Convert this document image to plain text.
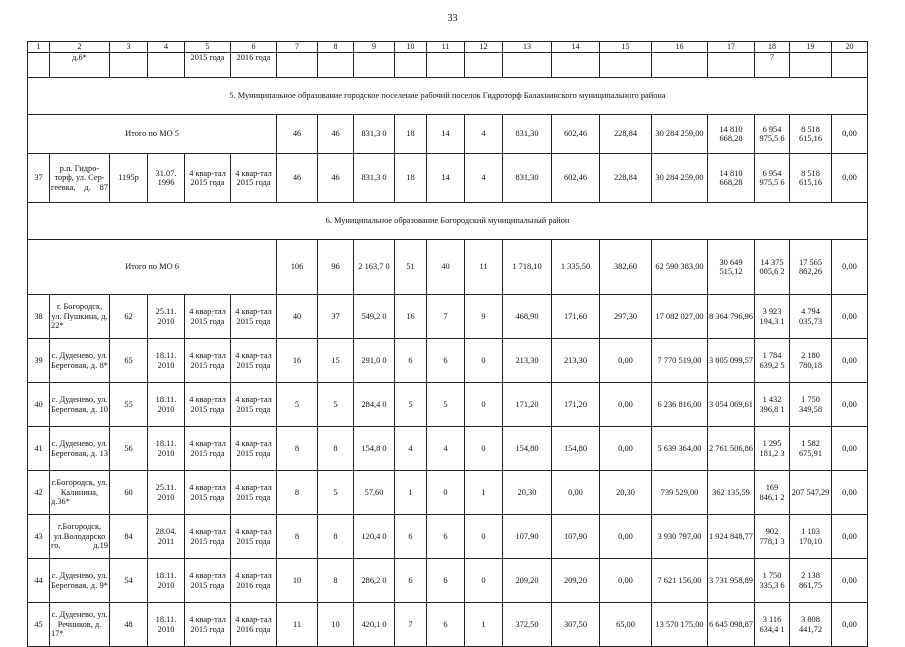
33
1	2	3	4	5	6	7	8	9	10	11	12	13	14	15	16	17	18	19	20
	д.6*			2015 года	2016 года												7		
5. Муниципальное образование городское поселение рабочий поселок Гидроторф Балахнинского муниципального района																			
Итого по МО 5						46	46	831,3 0	18	14	4	831,30	602,46	228,84	30 284 259,00	14 810 668,28	6 954 975,5 6	8 518 615,16	0,00
37	р.п. Гидро-торф, ул. Сер-геевка, д. 87	1195р	31.07. 1996	4 квар-тал 2015 года	4 квар-тал 2015 года	46	46	831,3 0	18	14	4	831,30	602,46	228,84	30 284 259,00	14 810 668,28	6 954 975,5 6	8 518 615,16	0,00
6. Муниципальное образование Богородский муниципальный район																			
Итого по МО 6						106	96	2 163,7 0	51	40	11	1 718,10	1 335,50	382,60	62 590 383,00	30 649 515,12	14 375 005,6 2	17 565 862,26	0,00
38	г. Богородск, ул. Пушкина, д. 22*	62	25.11. 2010	4 квар-тал 2015 года	4 квар-тал 2015 года	40	37	549,2 0	16	7	9	468,90	171,60	297,30	17 082 027,00	8 364 796,96	3 923 194,3 1	4 794 035,73	0,00
39	с. Дуденево, ул. Береговая, д. 8*	65	18.11. 2010	4 квар-тал 2015 года	4 квар-тал 2015 года	16	15	291,0 0	6	6	0	213,30	213,30	0,00	7 770 519,00	3 805 099,57	1 784 639,2 5	2 180 780,18	0,00
40	с. Дуденево, ул. Береговая, д. 10	55	18.11. 2010	4 квар-тал 2015 года	4 квар-тал 2015 года	5	5	284,4 0	5	5	0	171,20	171,20	0,00	6 236 816,00	3 054 069,61	1 432 396,8 1	1 750 349,58	0,00
41	с. Дуденево, ул. Береговая, д. 13	56	18.11. 2010	4 квар-тал 2015 года	4 квар-тал 2015 года	8	8	154,8 0	4	4	0	154,80	154,80	0,00	5 639 364,00	2 761 506,86	1 295 181,2 3	1 582 675,91	0,00
42	г.Богородск, ул. Калинина, д.36*	60	25.11. 2010	4 квар-тал 2015 года	4 квар-тал 2015 года	8	5	57,60	1	0	1	20,30	0,00	20,30	739 529,00	362 135,59	169 846,1 2	207 547,29	0,00
43	г.Богородск, ул.Володарско го, д.19	84	28.04. 2011	4 квар-тал 2015 года	4 квар-тал 2015 года	8	8	120,4 0	6	6	0	107,90	107,90	0,00	3 930 797,00	1 924 848,77	902 778,1 3	1 103 170,10	0,00
44	с. Дуденево, ул. Береговая, д. 9*	54	18.11. 2010	4 квар-тал 2015 года	4 квар-тал 2016 года	10	8	286,2 0	6	6	0	209,20	209,20	0,00	7 621 156,00	3 731 958,89	1 750 335,3 6	2 138 861,75	0,00
45	с. Дуденево, ул. Речников, д. 17*	48	18.11. 2010	4 квар-тал 2015 года	4 квар-тал 2016 года	11	10	420,1 0	7	6	1	372,50	307,50	65,00	13 570 175,00	6 645 098,87	3 116 634,4 1	3 808 441,72	0,00
